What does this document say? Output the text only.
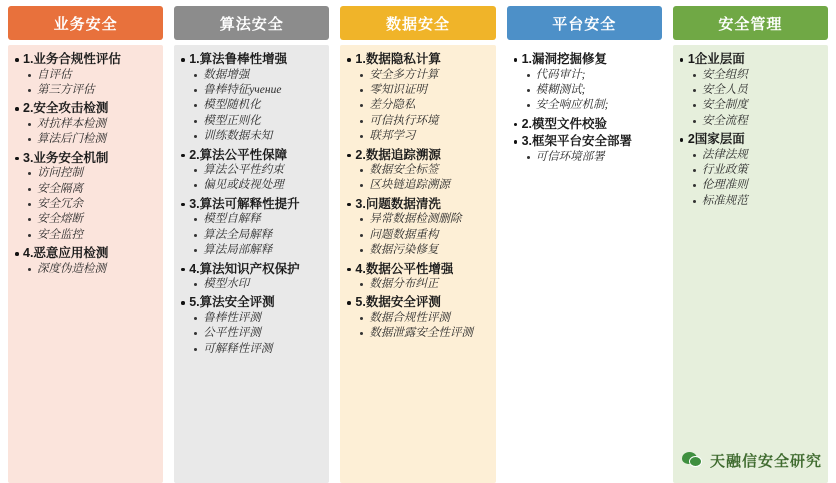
业务安全
1.业务合规性评估
自评估
第三方评估
2.安全攻击检测
对抗样本检测
算法后门检测
3.业务安全机制
访问控制
安全隔离
安全冗余
安全熔断
安全监控
4.恶意应用检测
深度伪造检测
算法安全
1.算法鲁棒性增强
数据增强
鲁棒特征учение
模型随机化
模型正则化
训练数据未知
2.算法公平性保障
算法公平性约束
偏见或歧视处理
3.算法可解释性提升
模型自解释
算法全局解释
算法局部解释
4.算法知识产权保护
模型水印
5.算法安全评测
鲁棒性评测
公平性评测
可解释性评测
数据安全
1.数据隐私计算
安全多方计算
零知识证明
差分隐私
可信执行环境
联邦学习
2.数据追踪溯源
数据安全标签
区块链追踪溯源
3.问题数据清洗
异常数据检测删除
问题数据重构
数据污染修复
4.数据公平性增强
数据分布纠正
5.数据安全评测
数据合规性评测
数据泄露安全性评测
平台安全
1.漏洞挖掘修复
代码审计;
模糊测试;
安全响应机制;
2.模型文件校验
3.框架平台安全部署
可信环境部署
安全管理
1企业层面
安全组织
安全人员
安全制度
安全流程
2国家层面
法律法规
行业政策
伦理准则
标准规范
天融信安全研究
